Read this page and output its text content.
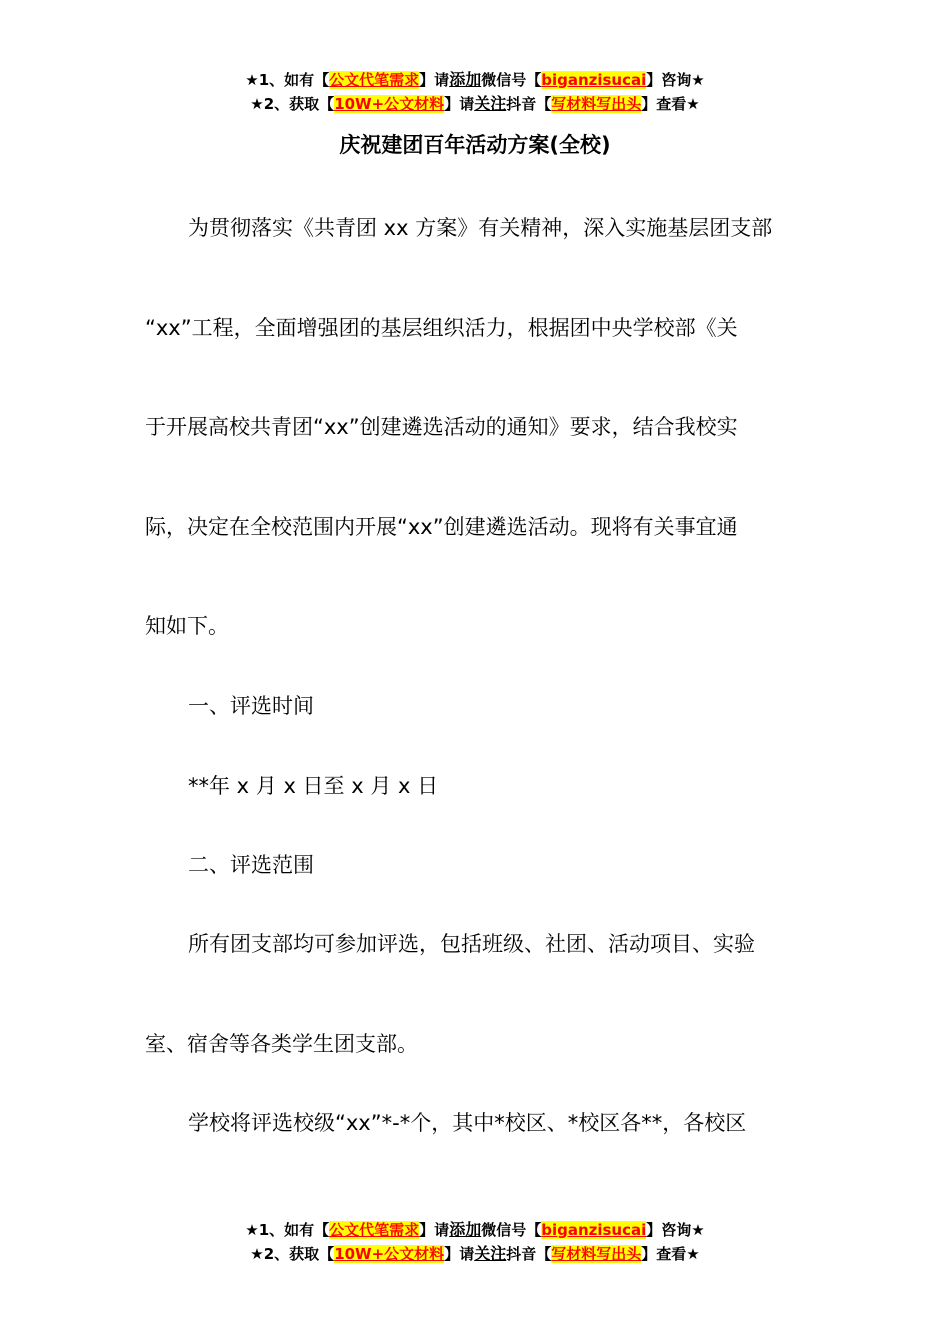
★1、如有【公文代笔需求】请添加微信号【biganzisucai】咨询★
★2、获取【10W+公文材料】请关注抖音【写材料写出头】查看★
庆祝建团百年活动方案(全校)
为贯彻落实《共青团 xx 方案》有关精神，深入实施基层团支部
“xx”工程，全面增强团的基层组织活力，根据团中央学校部《关
于开展高校共青团“xx”创建遴选活动的通知》要求，结合我校实
际，决定在全校范围内开展“xx”创建遴选活动。现将有关事宜通
知如下。
一、评选时间
**年 x 月 x 日至 x 月 x 日
二、评选范围
所有团支部均可参加评选，包括班级、社团、活动项目、实验
室、宿舍等各类学生团支部。
学校将评选校级“xx”*-*个，其中*校区、*校区各**，各校区
★1、如有【公文代笔需求】请添加微信号【biganzisucai】咨询★
★2、获取【10W+公文材料】请关注抖音【写材料写出头】查看★
